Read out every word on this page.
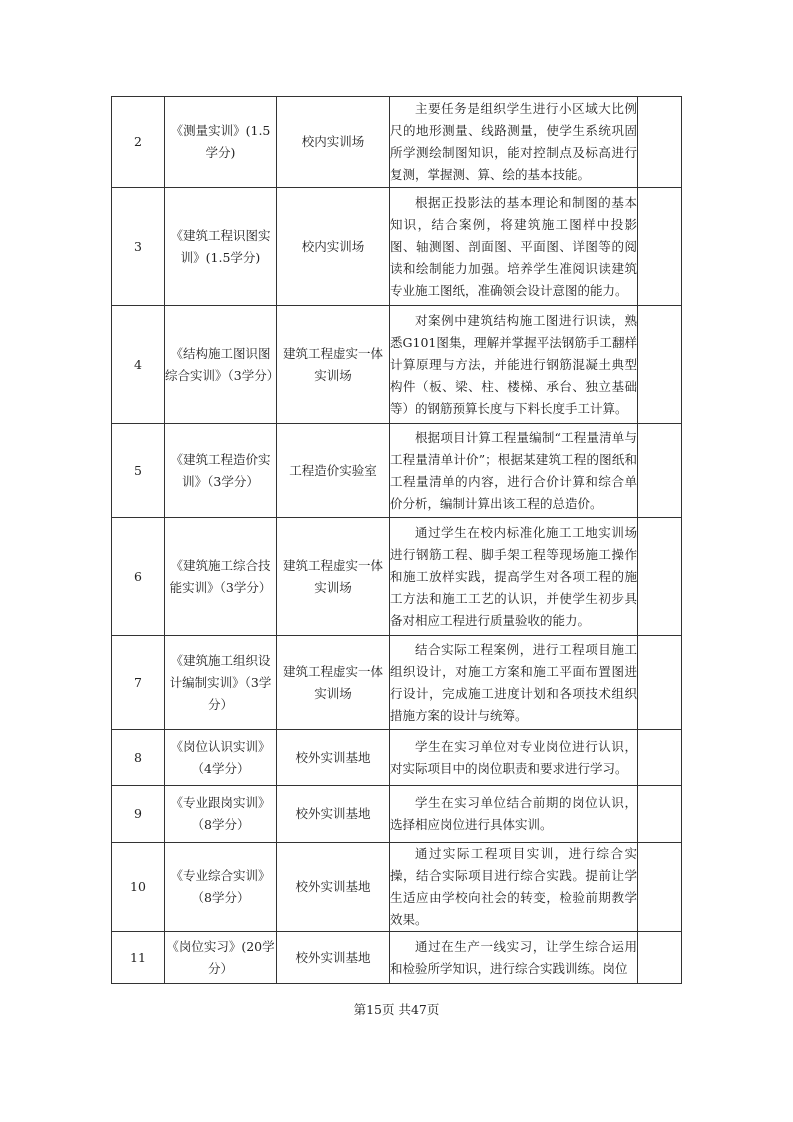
2	《测量实训》(1.5学分)	校内实训场	主要任务是组织学生进行小区域大比例尺的地形测量、线路测量，使学生系统巩固所学测绘制图知识，能对控制点及标高进行复测，掌握测、算、绘的基本技能。	
3	《建筑工程识图实训》(1.5学分)	校内实训场	根据正投影法的基本理论和制图的基本知识，结合案例，将建筑施工图样中投影图、轴测图、剖面图、平面图、详图等的阅读和绘制能力加强。培养学生准阅识读建筑专业施工图纸，准确领会设计意图的能力。	
4	《结构施工图识图综合实训》（3学分）	建筑工程虚实一体实训场	对案例中建筑结构施工图进行识读，熟悉G101图集，理解并掌握平法钢筋手工翻样计算原理与方法，并能进行钢筋混凝土典型构件（板、梁、柱、楼梯、承台、独立基础等）的钢筋预算长度与下料长度手工计算。	
5	《建筑工程造价实训》（3学分）	工程造价实验室	根据项目计算工程量编制“工程量清单与工程量清单计价”；根据某建筑工程的图纸和工程量清单的内容，进行合价计算和综合单价分析，编制计算出该工程的总造价。	
6	《建筑施工综合技能实训》（3学分）	建筑工程虚实一体实训场	通过学生在校内标准化施工工地实训场进行钢筋工程、脚手架工程等现场施工操作和施工放样实践，提高学生对各项工程的施工方法和施工工艺的认识，并使学生初步具备对相应工程进行质量验收的能力。	
7	《建筑施工组织设计编制实训》（3学分）	建筑工程虚实一体实训场	结合实际工程案例，进行工程项目施工组织设计，对施工方案和施工平面布置图进行设计，完成施工进度计划和各项技术组织措施方案的设计与统筹。	
8	《岗位认识实训》（4学分）	校外实训基地	学生在实习单位对专业岗位进行认识，对实际项目中的岗位职责和要求进行学习。	
9	《专业跟岗实训》（8学分）	校外实训基地	学生在实习单位结合前期的岗位认识，选择相应岗位进行具体实训。	
10	《专业综合实训》（8学分）	校外实训基地	通过实际工程项目实训，进行综合实操，结合实际项目进行综合实践。提前让学生适应由学校向社会的转变，检验前期教学效果。	
11	《岗位实习》(20学分）	校外实训基地	通过在生产一线实习，让学生综合运用和检验所学知识，进行综合实践训练。岗位	
第15页 共47页
